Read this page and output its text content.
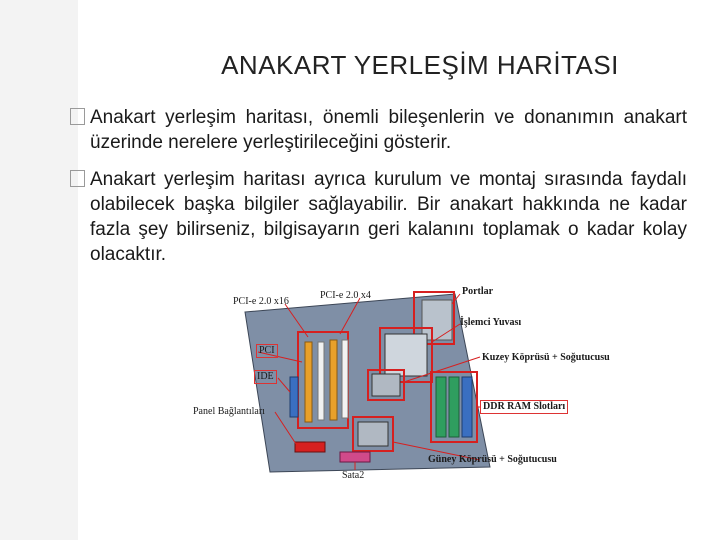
ANAKART YERLEŞİM HARİTASI
Anakart yerleşim haritası, önemli bileşenlerin ve donanımın anakart üzerinde nerelere yerleştirileceğini gösterir.
Anakart yerleşim haritası ayrıca kurulum ve montaj sırasında faydalı olabilecek başka bilgiler sağlayabilir. Bir anakart hakkında ne kadar fazla şey bilirseniz, bilgisayarın geri kalanını toplamak o kadar kolay olacaktır.
PCI-e 2.0 x16
PCI-e 2.0 x4	Portlar
İşlemci Yuvası
Kuzey Köprüsü + Soğutucusu
PCI
IDE
Panel Bağlantıları	DDR RAM Slotları
Güney Köprüsü + Soğutucusu
Sata2
